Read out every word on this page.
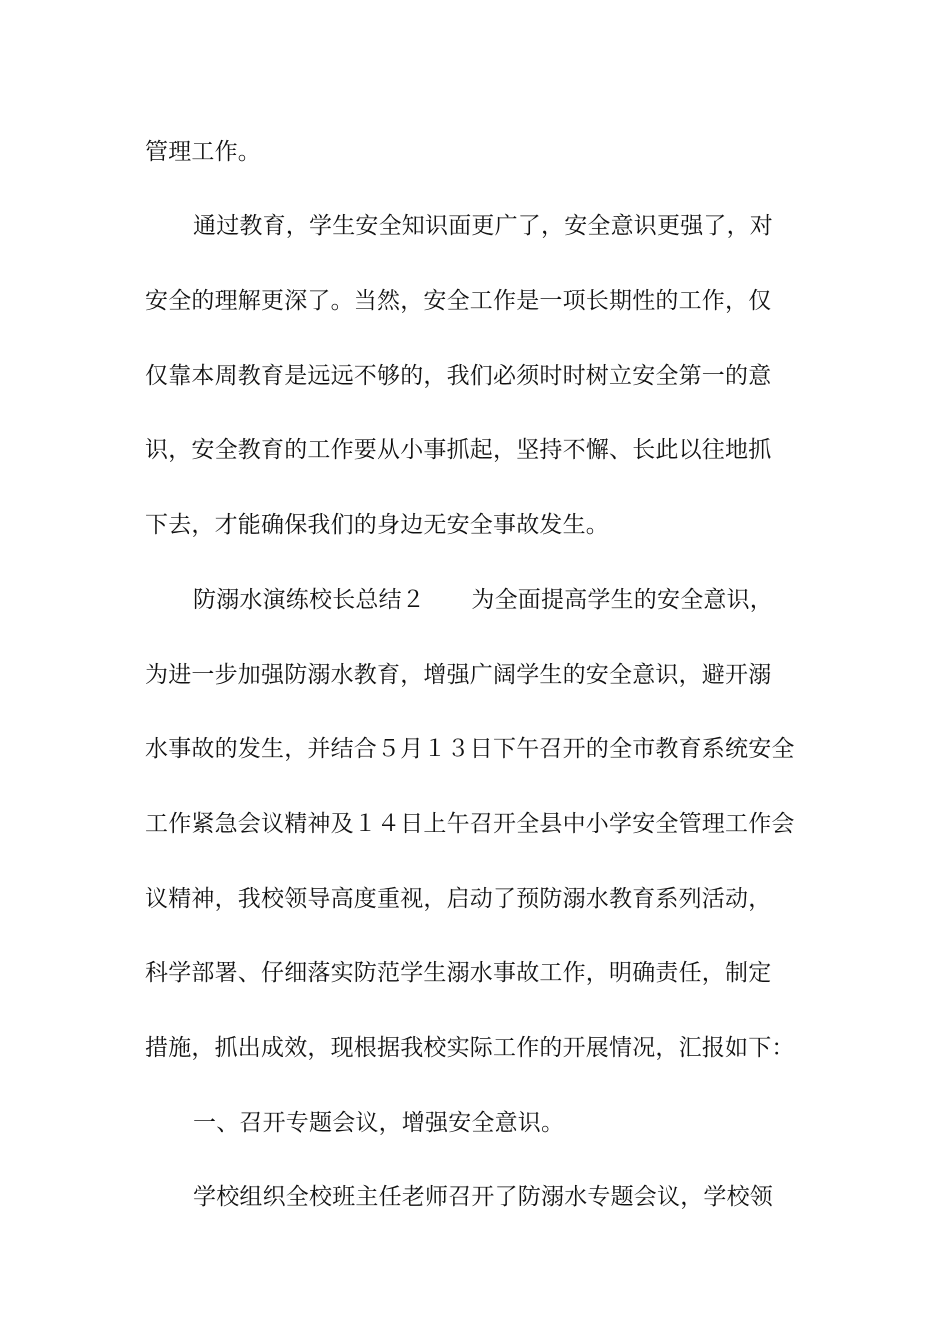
管理工作。
通过教育，学生安全知识面更广了，安全意识更强了，对
安全的理解更深了。当然，安全工作是一项长期性的工作，仅
仅靠本周教育是远远不够的，我们必须时时树立安全第一的意
识，安全教育的工作要从小事抓起，坚持不懈、长此以往地抓
下去，才能确保我们的身边无安全事故发生。
防溺水演练校长总结２　　为全面提高学生的安全意识，
为进一步加强防溺水教育，增强广阔学生的安全意识，避开溺
水事故的发生，并结合５月１３日下午召开的全市教育系统安全
工作紧急会议精神及１４日上午召开全县中小学安全管理工作会
议精神，我校领导高度重视，启动了预防溺水教育系列活动，
科学部署、仔细落实防范学生溺水事故工作，明确责任，制定
措施，抓出成效，现根据我校实际工作的开展情况，汇报如下：
一、召开专题会议，增强安全意识。
学校组织全校班主任老师召开了防溺水专题会议，学校领
